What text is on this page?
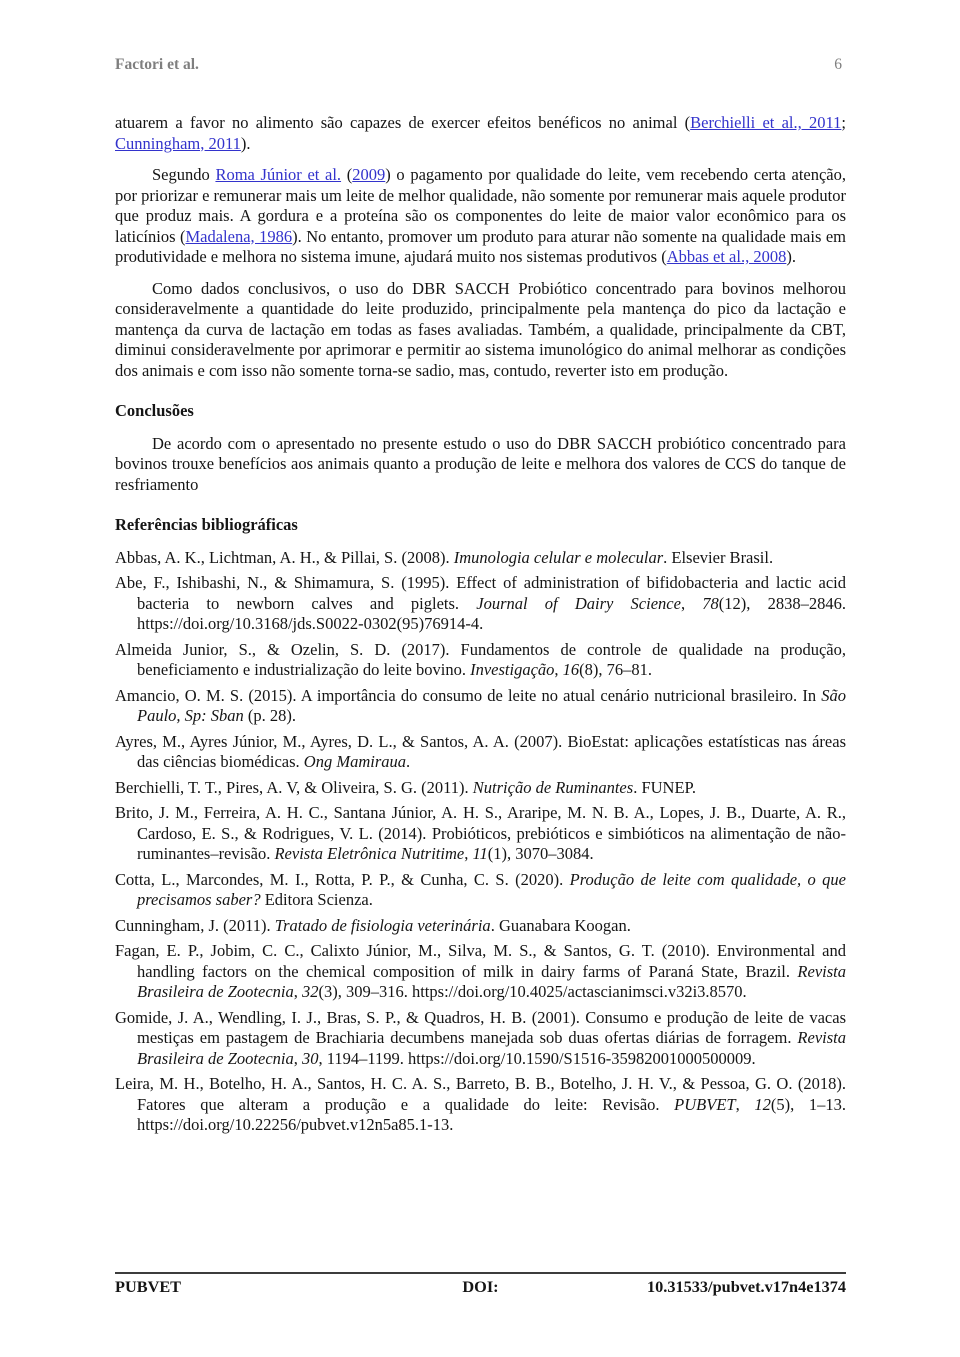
Factori et al.	6

atuarem a favor no alimento são capazes de exercer efeitos benéficos no animal (Berchielli et al., 2011; Cunningham, 2011).

Segundo Roma Júnior et al. (2009) o pagamento por qualidade do leite, vem recebendo certa atenção, por priorizar e remunerar mais um leite de melhor qualidade, não somente por remunerar mais aquele produtor que produz mais. A gordura e a proteína são os componentes do leite de maior valor econômico para os laticínios (Madalena, 1986). No entanto, promover um produto para aturar não somente na qualidade mais em produtividade e melhora no sistema imune, ajudará muito nos sistemas produtivos (Abbas et al., 2008).

Como dados conclusivos, o uso do DBR SACCH Probiótico concentrado para bovinos melhorou consideravelmente a quantidade do leite produzido, principalmente pela mantença do pico da lactação e mantença da curva de lactação em todas as fases avaliadas. Também, a qualidade, principalmente da CBT, diminui consideravelmente por aprimorar e permitir ao sistema imunológico do animal melhorar as condições dos animais e com isso não somente torna-se sadio, mas, contudo, reverter isto em produção.

Conclusões

De acordo com o apresentado no presente estudo o uso do DBR SACCH probiótico concentrado para bovinos trouxe benefícios aos animais quanto a produção de leite e melhora dos valores de CCS do tanque de resfriamento

Referências bibliográficas

Abbas, A. K., Lichtman, A. H., & Pillai, S. (2008). Imunologia celular e molecular. Elsevier Brasil.

Abe, F., Ishibashi, N., & Shimamura, S. (1995). Effect of administration of bifidobacteria and lactic acid bacteria to newborn calves and piglets. Journal of Dairy Science, 78(12), 2838–2846. https://doi.org/10.3168/jds.S0022-0302(95)76914-4.

Almeida Junior, S., & Ozelin, S. D. (2017). Fundamentos de controle de qualidade na produção, beneficiamento e industrialização do leite bovino. Investigação, 16(8), 76–81.

Amancio, O. M. S. (2015). A importância do consumo de leite no atual cenário nutricional brasileiro. In São Paulo, Sp: Sban (p. 28).

Ayres, M., Ayres Júnior, M., Ayres, D. L., & Santos, A. A. (2007). BioEstat: aplicações estatísticas nas áreas das ciências biomédicas. Ong Mamiraua.

Berchielli, T. T., Pires, A. V, & Oliveira, S. G. (2011). Nutrição de Ruminantes. FUNEP.

Brito, J. M., Ferreira, A. H. C., Santana Júnior, A. H. S., Araripe, M. N. B. A., Lopes, J. B., Duarte, A. R., Cardoso, E. S., & Rodrigues, V. L. (2014). Probióticos, prebióticos e simbióticos na alimentação de não-ruminantes–revisão. Revista Eletrônica Nutritime, 11(1), 3070–3084.

Cotta, L., Marcondes, M. I., Rotta, P. P., & Cunha, C. S. (2020). Produção de leite com qualidade, o que precisamos saber? Editora Scienza.

Cunningham, J. (2011). Tratado de fisiologia veterinária. Guanabara Koogan.

Fagan, E. P., Jobim, C. C., Calixto Júnior, M., Silva, M. S., & Santos, G. T. (2010). Environmental and handling factors on the chemical composition of milk in dairy farms of Paraná State, Brazil. Revista Brasileira de Zootecnia, 32(3), 309–316. https://doi.org/10.4025/actascianimsci.v32i3.8570.

Gomide, J. A., Wendling, I. J., Bras, S. P., & Quadros, H. B. (2001). Consumo e produção de leite de vacas mestiças em pastagem de Brachiaria decumbens manejada sob duas ofertas diárias de forragem. Revista Brasileira de Zootecnia, 30, 1194–1199. https://doi.org/10.1590/S1516-35982001000500009.

Leira, M. H., Botelho, H. A., Santos, H. C. A. S., Barreto, B. B., Botelho, J. H. V., & Pessoa, G. O. (2018). Fatores que alteram a produção e a qualidade do leite: Revisão. PUBVET, 12(5), 1–13. https://doi.org/10.22256/pubvet.v12n5a85.1-13.

PUBVET	DOI:	10.31533/pubvet.v17n4e1374
